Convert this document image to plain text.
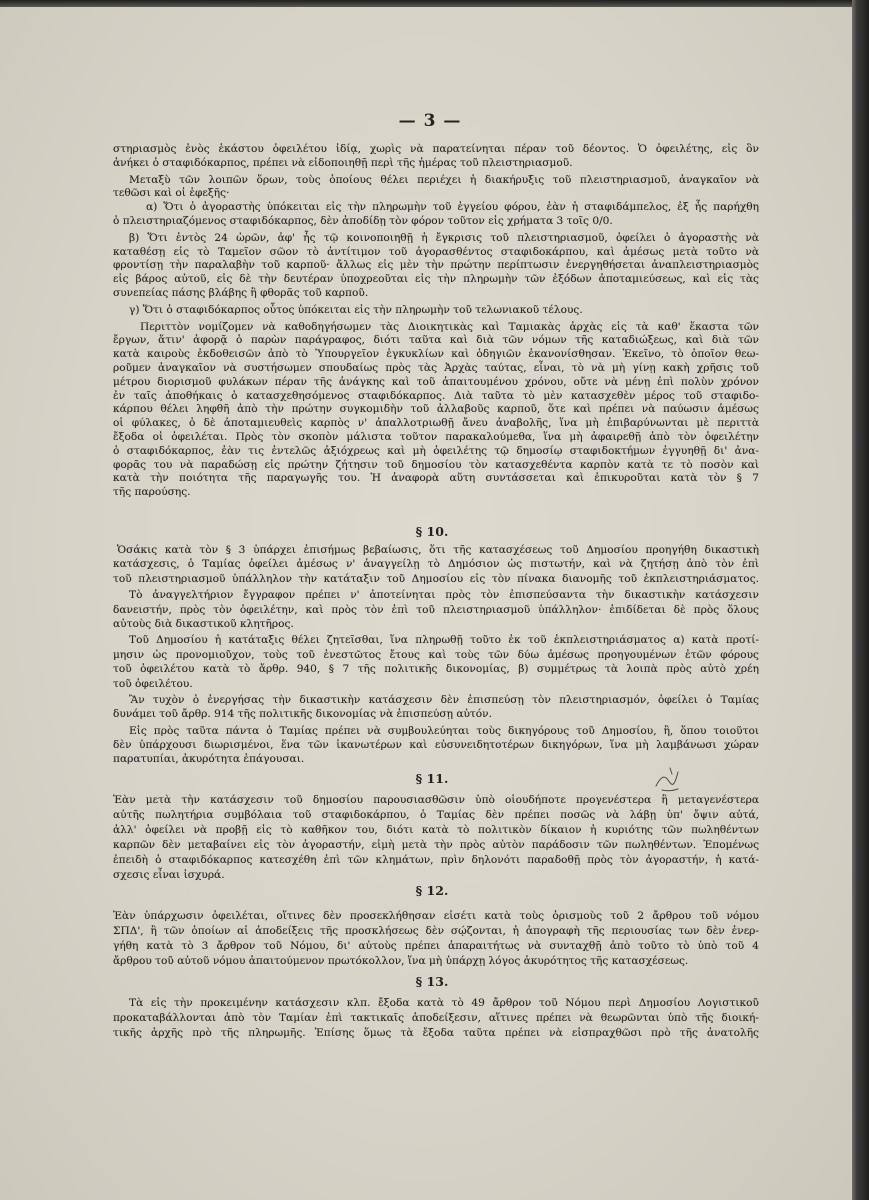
— 3 —
στηριασμὸς ἑνὸς ἑκάστου ὀφειλέτου ἰδίᾳ, χωρὶς νὰ παρατείνηται πέραν τοῦ δέοντος. Ὁ ὀφειλέτης, εἰς ὃν
ἀνήκει ὁ σταφιδόκαρπος, πρέπει νὰ εἰδοποιηθῇ περὶ τῆς ἡμέρας τοῦ πλειστηριασμοῦ.
Μεταξὺ τῶν λοιπῶν ὅρων, τοὺς ὁποίους θέλει περιέχει ἡ διακήρυξις τοῦ πλειστηριασμοῦ, ἀναγκαῖον νὰ
τεθῶσι καὶ οἱ ἑφεξῆς·
α) Ὅτι ὁ ἀγοραστὴς ὑπόκειται εἰς τὴν πληρωμὴν τοῦ ἐγγείου φόρου, ἐὰν ἡ σταφιδάμπελος, ἐξ ἧς παρήχθη
ὁ πλειστηριαζόμενος σταφιδόκαρπος, δὲν ἀποδίδῃ τὸν φόρον τοῦτον εἰς χρήματα 3 τοῖς 0/0.
β) Ὅτι ἐντὸς 24 ὡρῶν, ἀφ' ἧς τῷ κοινοποιηθῇ ἡ ἔγκρισις τοῦ πλειστηριασμοῦ, ὀφείλει ὁ ἀγοραστὴς νὰ
καταθέσῃ εἰς τὸ Ταμεῖον σῶον τὸ ἀντίτιμον τοῦ ἀγορασθέντος σταφιδοκάρπου, καὶ ἀμέσως μετὰ τοῦτο νὰ
φροντίσῃ τὴν παραλαβὴν τοῦ καρποῦ· ἄλλως εἰς μὲν τὴν πρώτην περίπτωσιν ἐνεργηθήσεται ἀναπλειστηριασμὸς
εἰς βάρος αὐτοῦ, εἰς δὲ τὴν δευτέραν ὑποχρεοῦται εἰς τὴν πληρωμὴν τῶν ἐξόδων ἀποταμιεύσεως, καὶ εἰς τὰς
συνεπείας πάσης βλάβης ἢ φθορᾶς τοῦ καρποῦ.
γ) Ὅτι ὁ σταφιδόκαρπος οὗτος ὑπόκειται εἰς τὴν πληρωμὴν τοῦ τελωνιακοῦ τέλους.
Περιττὸν νομίζομεν νὰ καθοδηγήσωμεν τὰς Διοικητικὰς καὶ Ταμιακὰς ἀρχὰς εἰς τὰ καθ' ἕκαστα τῶν
ἔργων, ἅτιν' ἀφορᾷ ὁ παρὼν παράγραφος, διότι ταῦτα καὶ διὰ τῶν νόμων τῆς καταδιώξεως, καὶ διὰ τῶν
κατὰ καιροὺς ἐκδοθεισῶν ἀπὸ τὸ Ὑπουργεῖον ἐγκυκλίων καὶ ὁδηγιῶν ἐκανονίσθησαν. Ἐκεῖνο, τὸ ὁποῖον θεω-
ροῦμεν ἀναγκαῖον νὰ συστήσωμεν σπουδαίως πρὸς τὰς Ἀρχὰς ταύτας, εἶναι, τὸ νὰ μὴ γίνῃ κακὴ χρῆσις τοῦ
μέτρου διορισμοῦ φυλάκων πέραν τῆς ἀνάγκης καὶ τοῦ ἀπαιτουμένου χρόνου, οὔτε νὰ μένῃ ἐπὶ πολὺν χρόνον
ἐν ταῖς ἀποθήκαις ὁ κατασχεθησόμενος σταφιδόκαρπος. Διὰ ταῦτα τὸ μὲν κατασχεθὲν μέρος τοῦ σταφιδο-
κάρπου θέλει ληφθῆ ἀπὸ τὴν πρώτην συγκομιδὴν τοῦ ἀλλαβοῦς καρποῦ, ὅτε καὶ πρέπει νὰ παύωσιν ἀμέσως
οἱ φύλακες, ὁ δὲ ἀποταμιευθεὶς καρπὸς ν' ἀπαλλοτριωθῇ ἄνευ ἀναβολῆς, ἵνα μὴ ἐπιβαρύνωνται μὲ περιττὰ
ἔξοδα οἱ ὀφειλέται. Πρὸς τὸν σκοπὸν μάλιστα τοῦτον παρακαλούμεθα, ἵνα μὴ ἀφαιρεθῇ ἀπὸ τὸν ὀφειλέτην
ὁ σταφιδόκαρπος, ἐὰν τις ἐντελῶς ἀξιόχρεως καὶ μὴ ὀφειλέτης τῷ δημοσίῳ σταφιδοκτήμων ἐγγυηθῇ δι' ἀνα-
φορᾶς του νὰ παραδώσῃ εἰς πρώτην ζήτησιν τοῦ δημοσίου τὸν κατασχεθέντα καρπὸν κατὰ τε τὸ ποσὸν καὶ
κατὰ τὴν ποιότητα τῆς παραγωγῆς του. Ἡ ἀναφορὰ αὕτη συντάσσεται καὶ ἐπικυροῦται κατὰ τὸν § 7
τῆς παρούσης.
§ 10.
Ὁσάκις κατὰ τὸν § 3 ὑπάρχει ἐπισήμως βεβαίωσις, ὅτι τῆς κατασχέσεως τοῦ Δημοσίου προηγήθη δικαστικὴ
κατάσχεσις, ὁ Ταμίας ὀφείλει ἀμέσως ν' ἀναγγείλῃ τὸ Δημόσιον ὡς πιστωτήν, καὶ νὰ ζητήσῃ ἀπὸ τὸν ἐπὶ
τοῦ πλειστηριασμοῦ ὑπάλληλον τὴν κατάταξιν τοῦ Δημοσίου εἰς τὸν πίνακα διανομῆς τοῦ ἐκπλειστηριάσματος.
Τὸ ἀναγγελτήριον ἔγγραφον πρέπει ν' ἀποτείνηται πρὸς τὸν ἐπισπεύσαντα τὴν δικαστικὴν κατάσχεσιν
δανειστήν, πρὸς τὸν ὀφειλέτην, καὶ πρὸς τὸν ἐπὶ τοῦ πλειστηριασμοῦ ὑπάλληλον· ἐπιδίδεται δὲ πρὸς ὅλους
αὐτοὺς διὰ δικαστικοῦ κλητῆρος.
Τοῦ Δημοσίου ἡ κατάταξις θέλει ζητεῖσθαι, ἵνα πληρωθῇ τοῦτο ἐκ τοῦ ἐκπλειστηριάσματος α) κατὰ προτί-
μησιν ὡς προνομιοῦχον, τοὺς τοῦ ἐνεστῶτος ἔτους καὶ τοὺς τῶν δύω ἀμέσως προηγουμένων ἐτῶν φόρους
τοῦ ὀφειλέτου κατὰ τὸ ἄρθρ. 940, § 7 τῆς πολιτικῆς δικονομίας, β) συμμέτρως τὰ λοιπὰ πρὸς αὐτὸ χρέη
τοῦ ὀφειλέτου.
Ἂν τυχὸν ὁ ἐνεργήσας τὴν δικαστικὴν κατάσχεσιν δὲν ἐπισπεύσῃ τὸν πλειστηριασμόν, ὀφείλει ὁ Ταμίας
δυνάμει τοῦ ἄρθρ. 914 τῆς πολιτικῆς δικονομίας νὰ ἐπισπεύσῃ αὐτόν.
Εἰς πρὸς ταῦτα πάντα ὁ Ταμίας πρέπει νὰ συμβουλεύηται τοὺς δικηγόρους τοῦ Δημοσίου, ἢ, ὅπου τοιοῦτοι
δὲν ὑπάρχουσι διωρισμένοι, ἕνα τῶν ἱκανωτέρων καὶ εὐσυνειδητοτέρων δικηγόρων, ἵνα μὴ λαμβάνωσι χώραν
παρατυπίαι, ἀκυρότητα ἐπάγουσαι.
§ 11.
Ἐὰν μετὰ τὴν κατάσχεσιν τοῦ δημοσίου παρουσιασθῶσιν ὑπὸ οἱουδήποτε προγενέστερα ἢ μεταγενέστερα
αὐτῆς πωλητήρια συμβόλαια τοῦ σταφιδοκάρπου, ὁ Ταμίας δὲν πρέπει ποσῶς νὰ λάβῃ ὑπ' ὄψιν αὐτά,
ἀλλ' ὀφείλει νὰ προβῇ εἰς τὸ καθῆκον του, διότι κατὰ τὸ πολιτικὸν δίκαιον ἡ κυριότης τῶν πωληθέντων
καρπῶν δὲν μεταβαίνει εἰς τὸν ἀγοραστήν, εἰμὴ μετὰ τὴν πρὸς αὐτὸν παράδοσιν τῶν πωληθέντων. Ἐπομένως
ἐπειδὴ ὁ σταφιδόκαρπος κατεσχέθη ἐπὶ τῶν κλημάτων, πρὶν δηλονότι παραδοθῇ πρὸς τὸν ἀγοραστήν, ἡ κατά-
σχεσις εἶναι ἰσχυρά.
§ 12.
Ἐὰν ὑπάρχωσιν ὀφειλέται, οἵτινες δὲν προσεκλήθησαν εἰσέτι κατὰ τοὺς ὁρισμοὺς τοῦ 2 ἄρθρου τοῦ νόμου
ΣΠΔ', ἢ τῶν ὁποίων αἱ ἀποδείξεις τῆς προσκλήσεως δὲν σῴζονται, ἡ ἀπογραφὴ τῆς περιουσίας των δὲν ἐνερ-
γήθη κατὰ τὸ 3 ἄρθρον τοῦ Νόμου, δι' αὐτοὺς πρέπει ἀπαραιτήτως νὰ συνταχθῇ ἀπὸ τοῦτο τὸ ὑπὸ τοῦ 4
ἄρθρου τοῦ αὐτοῦ νόμου ἀπαιτούμενον πρωτόκολλον, ἵνα μὴ ὑπάρχῃ λόγος ἀκυρότητος τῆς κατασχέσεως.
§ 13.
Τὰ εἰς τὴν προκειμένην κατάσχεσιν κλπ. ἔξοδα κατὰ τὸ 49 ἄρθρον τοῦ Νόμου περὶ Δημοσίου Λογιστικοῦ
προκαταβάλλονται ἀπὸ τὸν Ταμίαν ἐπὶ τακτικαῖς ἀποδείξεσιν, αἵτινες πρέπει νὰ θεωρῶνται ὑπὸ τῆς διοική-
τικῆς ἀρχῆς πρὸ τῆς πληρωμῆς. Ἐπίσης ὅμως τὰ ἔξοδα ταῦτα πρέπει νὰ εἰσπραχθῶσι πρὸ τῆς ἀνατολῆς
